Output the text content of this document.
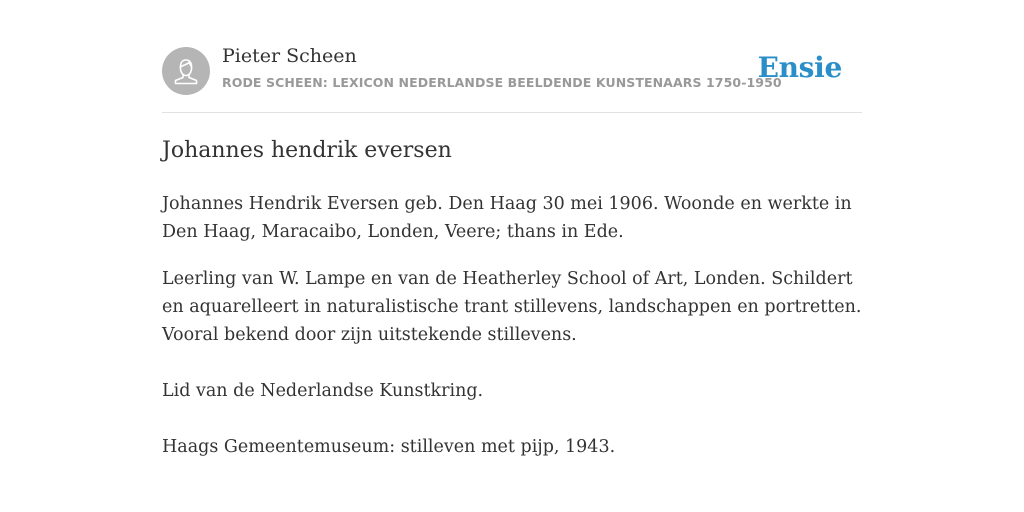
Pieter Scheen
RODE SCHEEN: LEXICON NEDERLANDSE BEELDENDE KUNSTENAARS 1750-1950
Ensie
Johannes hendrik eversen

Johannes Hendrik Eversen geb. Den Haag 30 mei 1906. Woonde en werkte in Den Haag, Maracaibo, Londen, Veere; thans in Ede.

Leerling van W. Lampe en van de Heatherley School of Art, Londen. Schildert en aquarelleert in naturalistische trant stillevens, landschappen en portretten. Vooral bekend door zijn uitstekende stillevens.

Lid van de Nederlandse Kunstkring.

Haags Gemeentemuseum: stilleven met pijp, 1943.
